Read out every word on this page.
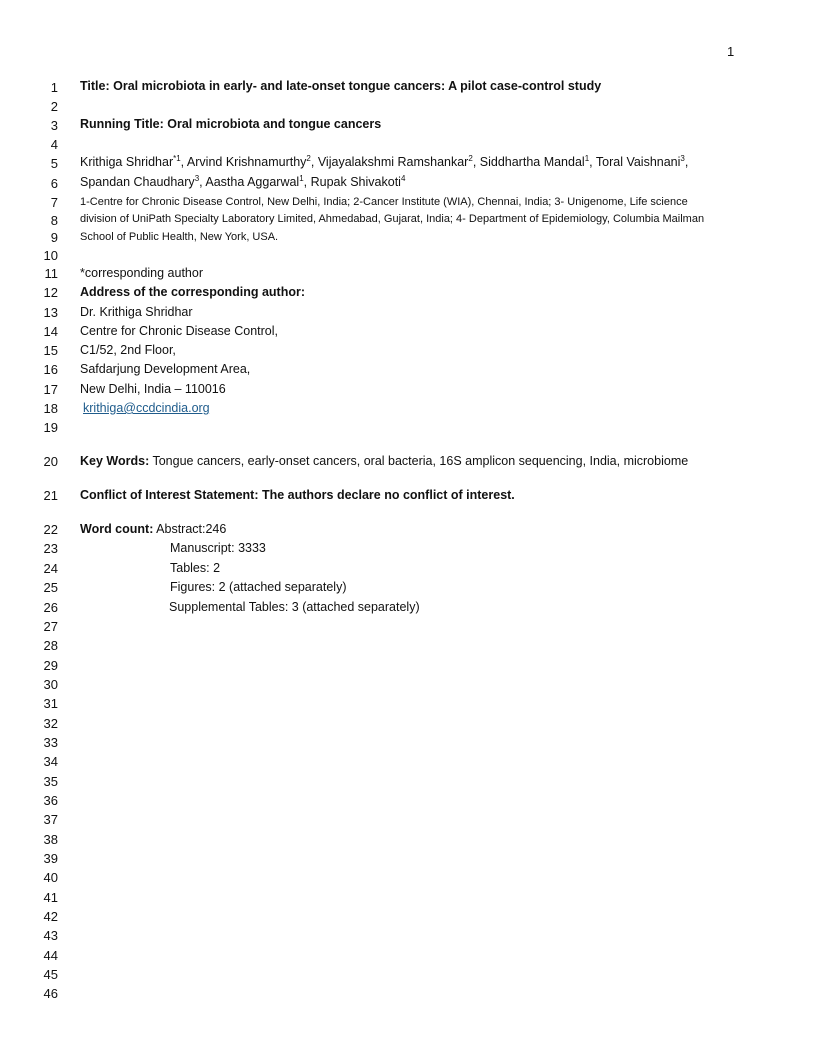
1
1
2
3
4
5
6
7
8
9
10
11
12
13
14
15
16
17
18
19
20
21
22
23
24
25
26
27
28
29
30
31
32
33
34
35
36
37
38
39
40
41
42
43
44
45
46
Title: Oral microbiota in early- and late-onset tongue cancers: A pilot case-control study
Running Title: Oral microbiota and tongue cancers
Krithiga Shridhar$^{*1}$, Arvind Krishnamurthy$^2$, Vijayalakshmi Ramshankar$^2$, Siddhartha Mandal$^1$, Toral Vaishnani$^3$,
Spandan Chaudhary$^3$, Aastha Aggarwal$^1$, Rupak Shivakoti$^4$
1-Centre for Chronic Disease Control, New Delhi, India; 2-Cancer Institute (WIA), Chennai, India; 3- Unigenome, Life science
division of UniPath Specialty Laboratory Limited, Ahmedabad, Gujarat, India; 4- Department of Epidemiology, Columbia Mailman
School of Public Health, New York, USA.
*corresponding author
Address of the corresponding author:
Dr. Krithiga Shridhar
Centre for Chronic Disease Control,
C1/52, 2nd Floor,
Safdarjung Development Area,
New Delhi, India – 110016
krithiga@ccdcindia.org
Key Words: Tongue cancers, early-onset cancers, oral bacteria, 16S amplicon sequencing, India, microbiome
Conflict of Interest Statement: The authors declare no conflict of interest.
Word count: Abstract:246
Manuscript: 3333
Tables: 2
Figures: 2 (attached separately)
Supplemental Tables: 3 (attached separately)
